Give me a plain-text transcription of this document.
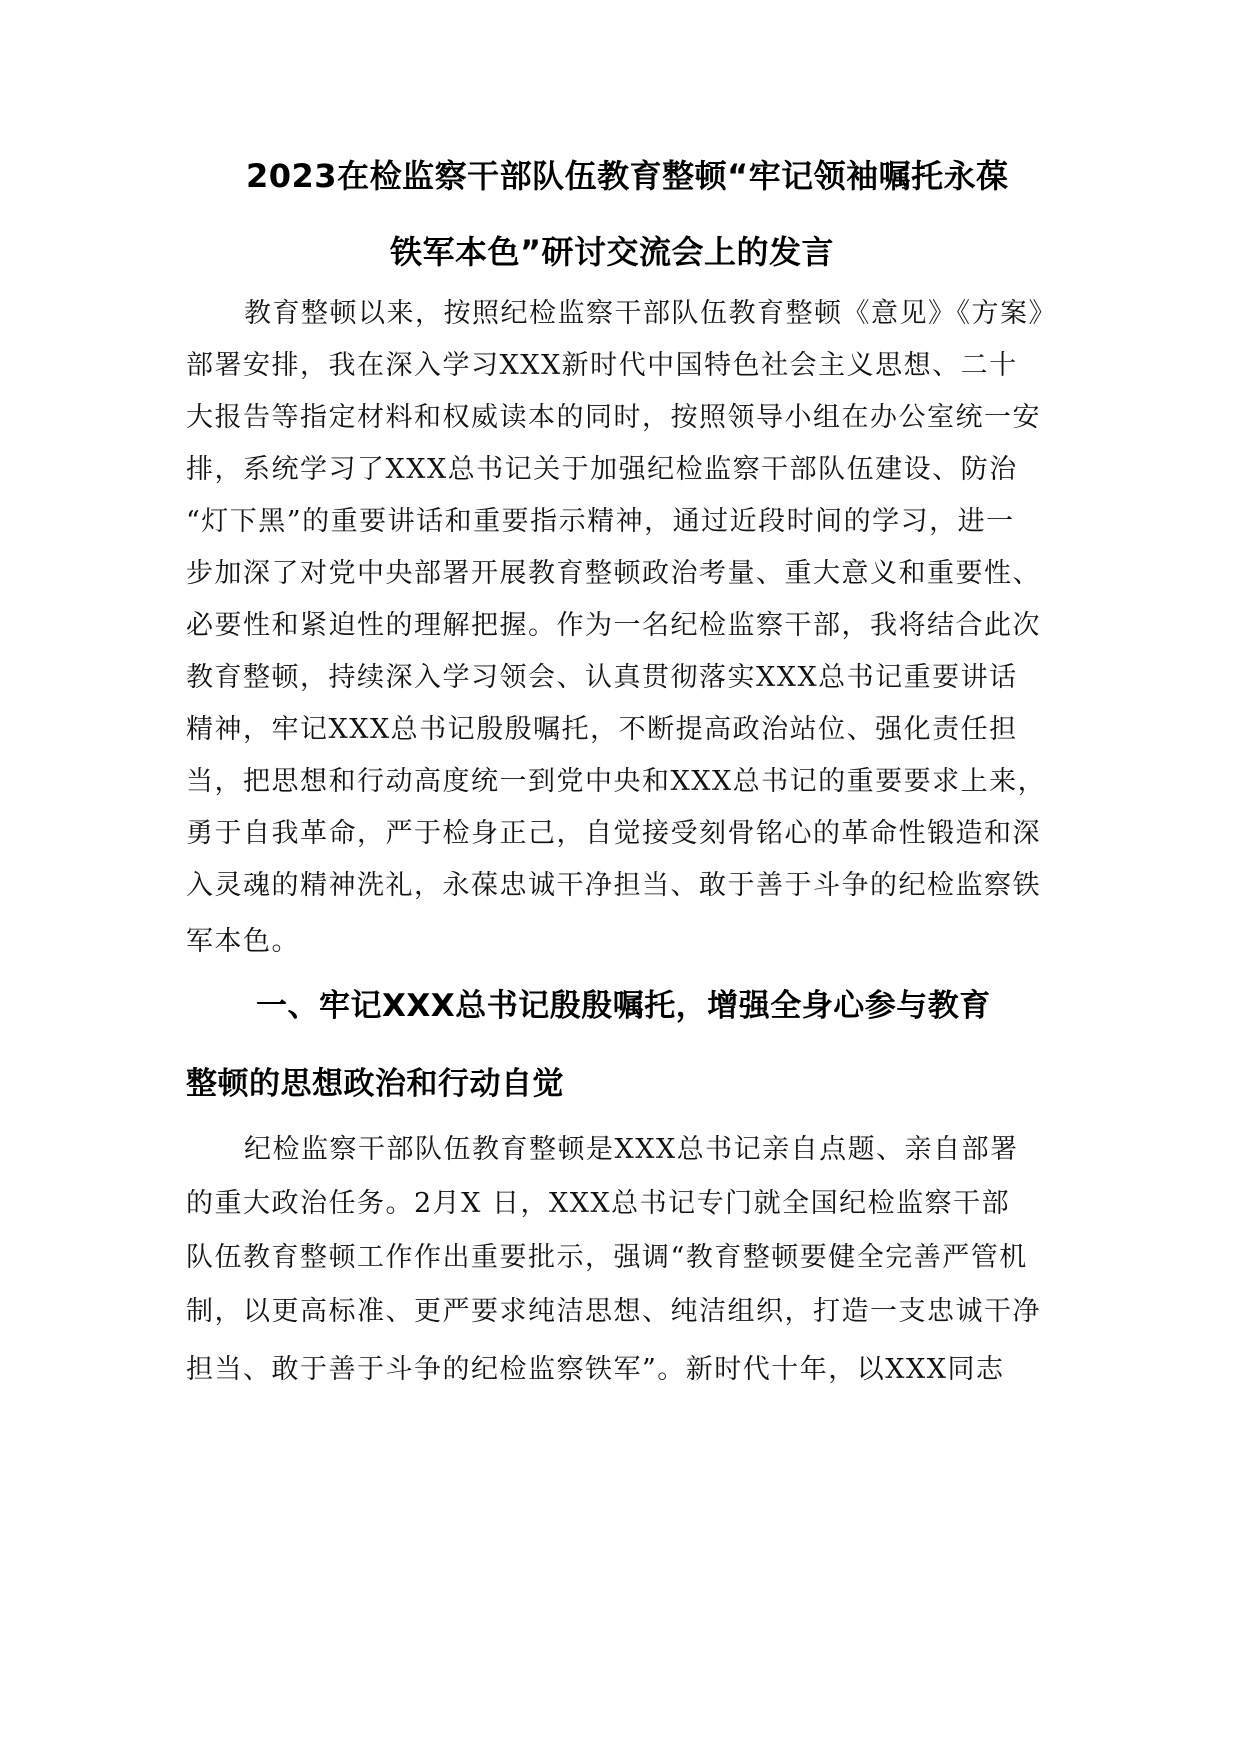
2023在检监察干部队伍教育整顿“牢记领袖嘱托永葆
铁军本色”研讨交流会上的发言
教育整顿以来，按照纪检监察干部队伍教育整顿《意见》《方案》
部署安排，我在深入学习XXX新时代中国特色社会主义思想、二十
大报告等指定材料和权威读本的同时，按照领导小组在办公室统一安
排，系统学习了XXX总书记关于加强纪检监察干部队伍建设、防治
“灯下黑”的重要讲话和重要指示精神，通过近段时间的学习，进一
步加深了对党中央部署开展教育整顿政治考量、重大意义和重要性、
必要性和紧迫性的理解把握。作为一名纪检监察干部，我将结合此次
教育整顿，持续深入学习领会、认真贯彻落实XXX总书记重要讲话
精神，牢记XXX总书记殷殷嘱托，不断提高政治站位、强化责任担
当，把思想和行动高度统一到党中央和XXX总书记的重要要求上来，
勇于自我革命，严于检身正己，自觉接受刻骨铭心的革命性锻造和深
入灵魂的精神洗礼，永葆忠诚干净担当、敢于善于斗争的纪检监察铁
军本色。
一、牢记XXX总书记殷殷嘱托，增强全身心参与教育
整顿的思想政治和行动自觉
纪检监察干部队伍教育整顿是XXX总书记亲自点题、亲自部署
的重大政治任务。2月X 日，XXX总书记专门就全国纪检监察干部
队伍教育整顿工作作出重要批示，强调“教育整顿要健全完善严管机
制，以更高标准、更严要求纯洁思想、纯洁组织，打造一支忠诚干净
担当、敢于善于斗争的纪检监察铁军”。新时代十年，以XXX同志
